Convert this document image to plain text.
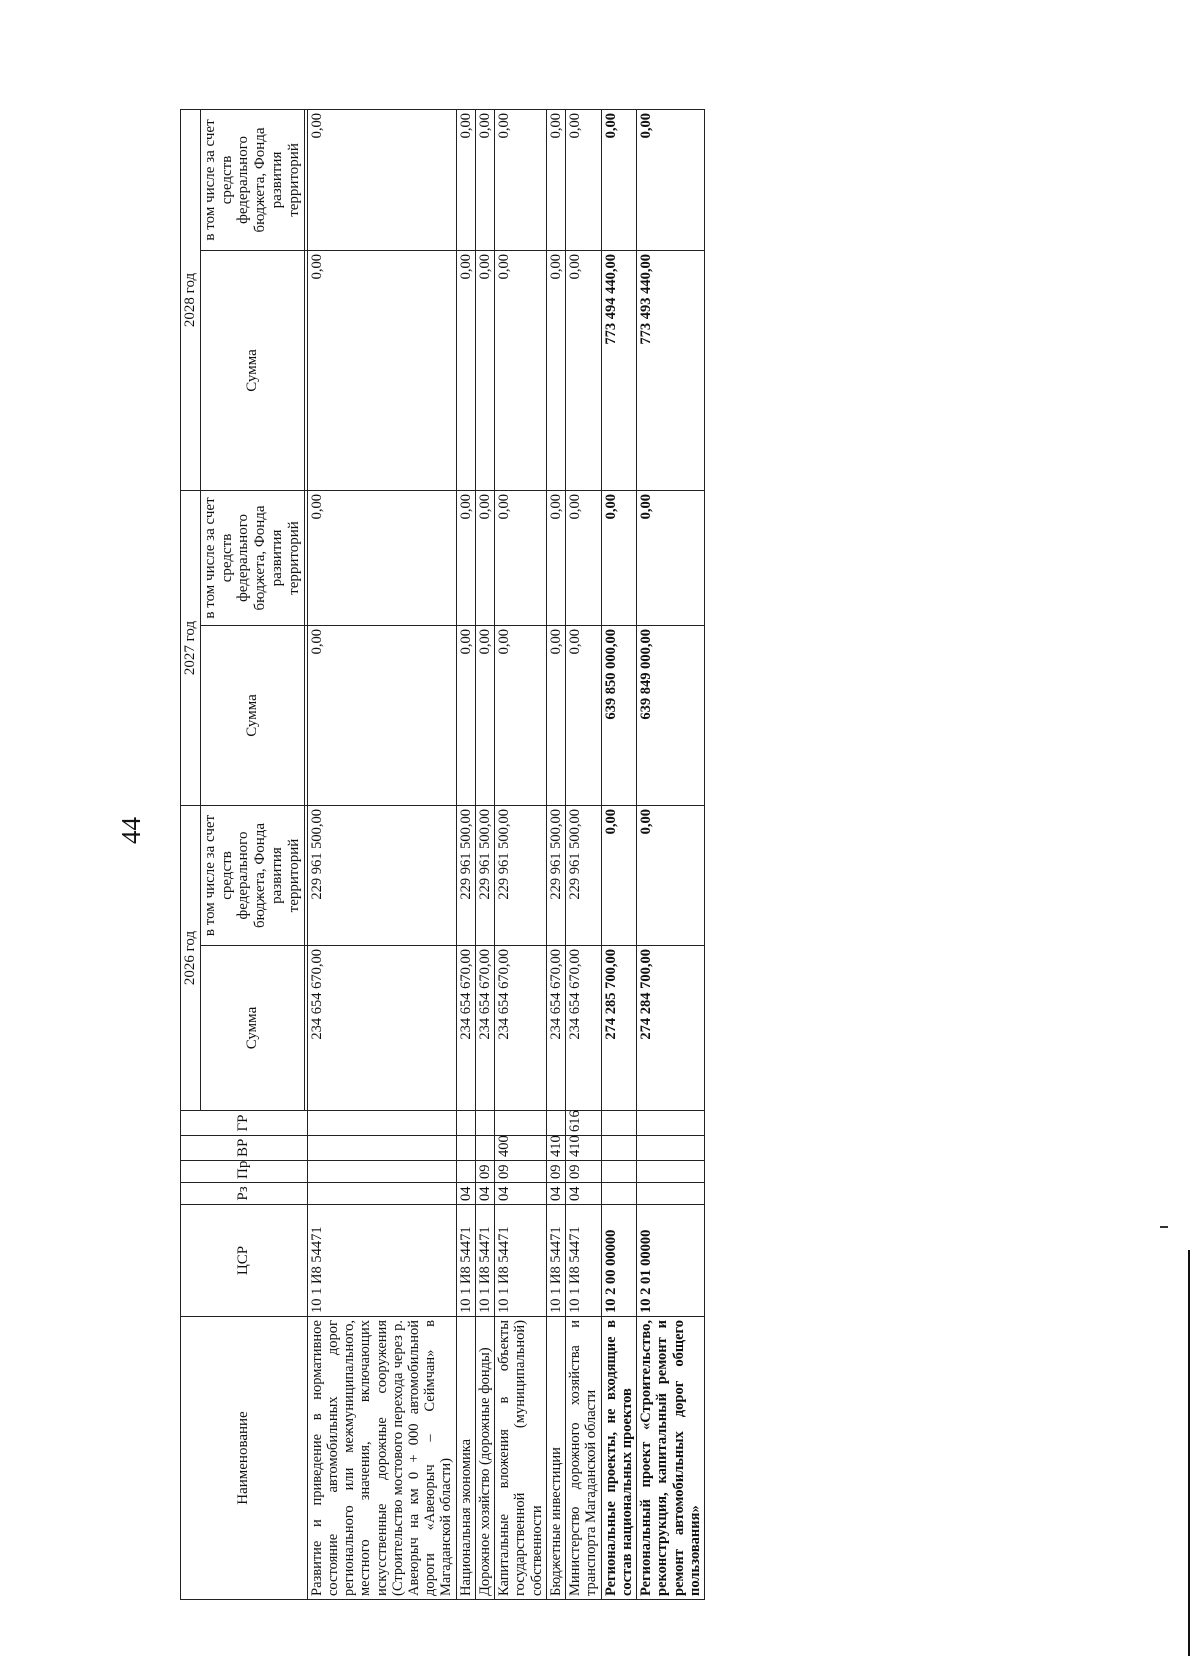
44
Наименование	ЦСР	Рз	Пр	ВР	ГР	2026 год		2027 год		2028 год	
						Сумма	в том числе за счет средств федерального бюджета, Фонда развития территорий	Сумма	в том числе за счет средств федерального бюджета, Фонда развития территорий	Сумма	в том числе за счет средств федерального бюджета, Фонда развития территорий

Развитие и приведение в нормативное состояние автомобильных дорог регионального или межмуниципального, местного значения, включающих искусственные дорожные сооружения (Строительство мостового перехода через р. Авеюрыч на км 0 + 000 автомобильной дороги «Авеюрыч – Сеймчан» в Магаданской области)	10 1 И8 54471					234 654 670,00	229 961 500,00	0,00	0,00	0,00	0,00
Национальная экономика	10 1 И8 54471	04				234 654 670,00	229 961 500,00	0,00	0,00	0,00	0,00
Дорожное хозяйство (дорожные фонды)	10 1 И8 54471	04	09			234 654 670,00	229 961 500,00	0,00	0,00	0,00	0,00
Капитальные вложения в объекты государственной (муниципальной) собственности	10 1 И8 54471	04	09	400		234 654 670,00	229 961 500,00	0,00	0,00	0,00	0,00
Бюджетные инвестиции	10 1 И8 54471	04	09	410		234 654 670,00	229 961 500,00	0,00	0,00	0,00	0,00
Министерство дорожного хозяйства и транспорта Магаданской области	10 1 И8 54471	04	09	410	616	234 654 670,00	229 961 500,00	0,00	0,00	0,00	0,00
Региональные проекты, не входящие в состав национальных проектов	10 2 00 00000					274 285 700,00	0,00	639 850 000,00	0,00	773 494 440,00	0,00
Региональный проект «Строительство, реконструкция, капитальный ремонт и ремонт автомобильных дорог общего пользования»	10 2 01 00000					274 284 700,00	0,00	639 849 000,00	0,00	773 493 440,00	0,00
